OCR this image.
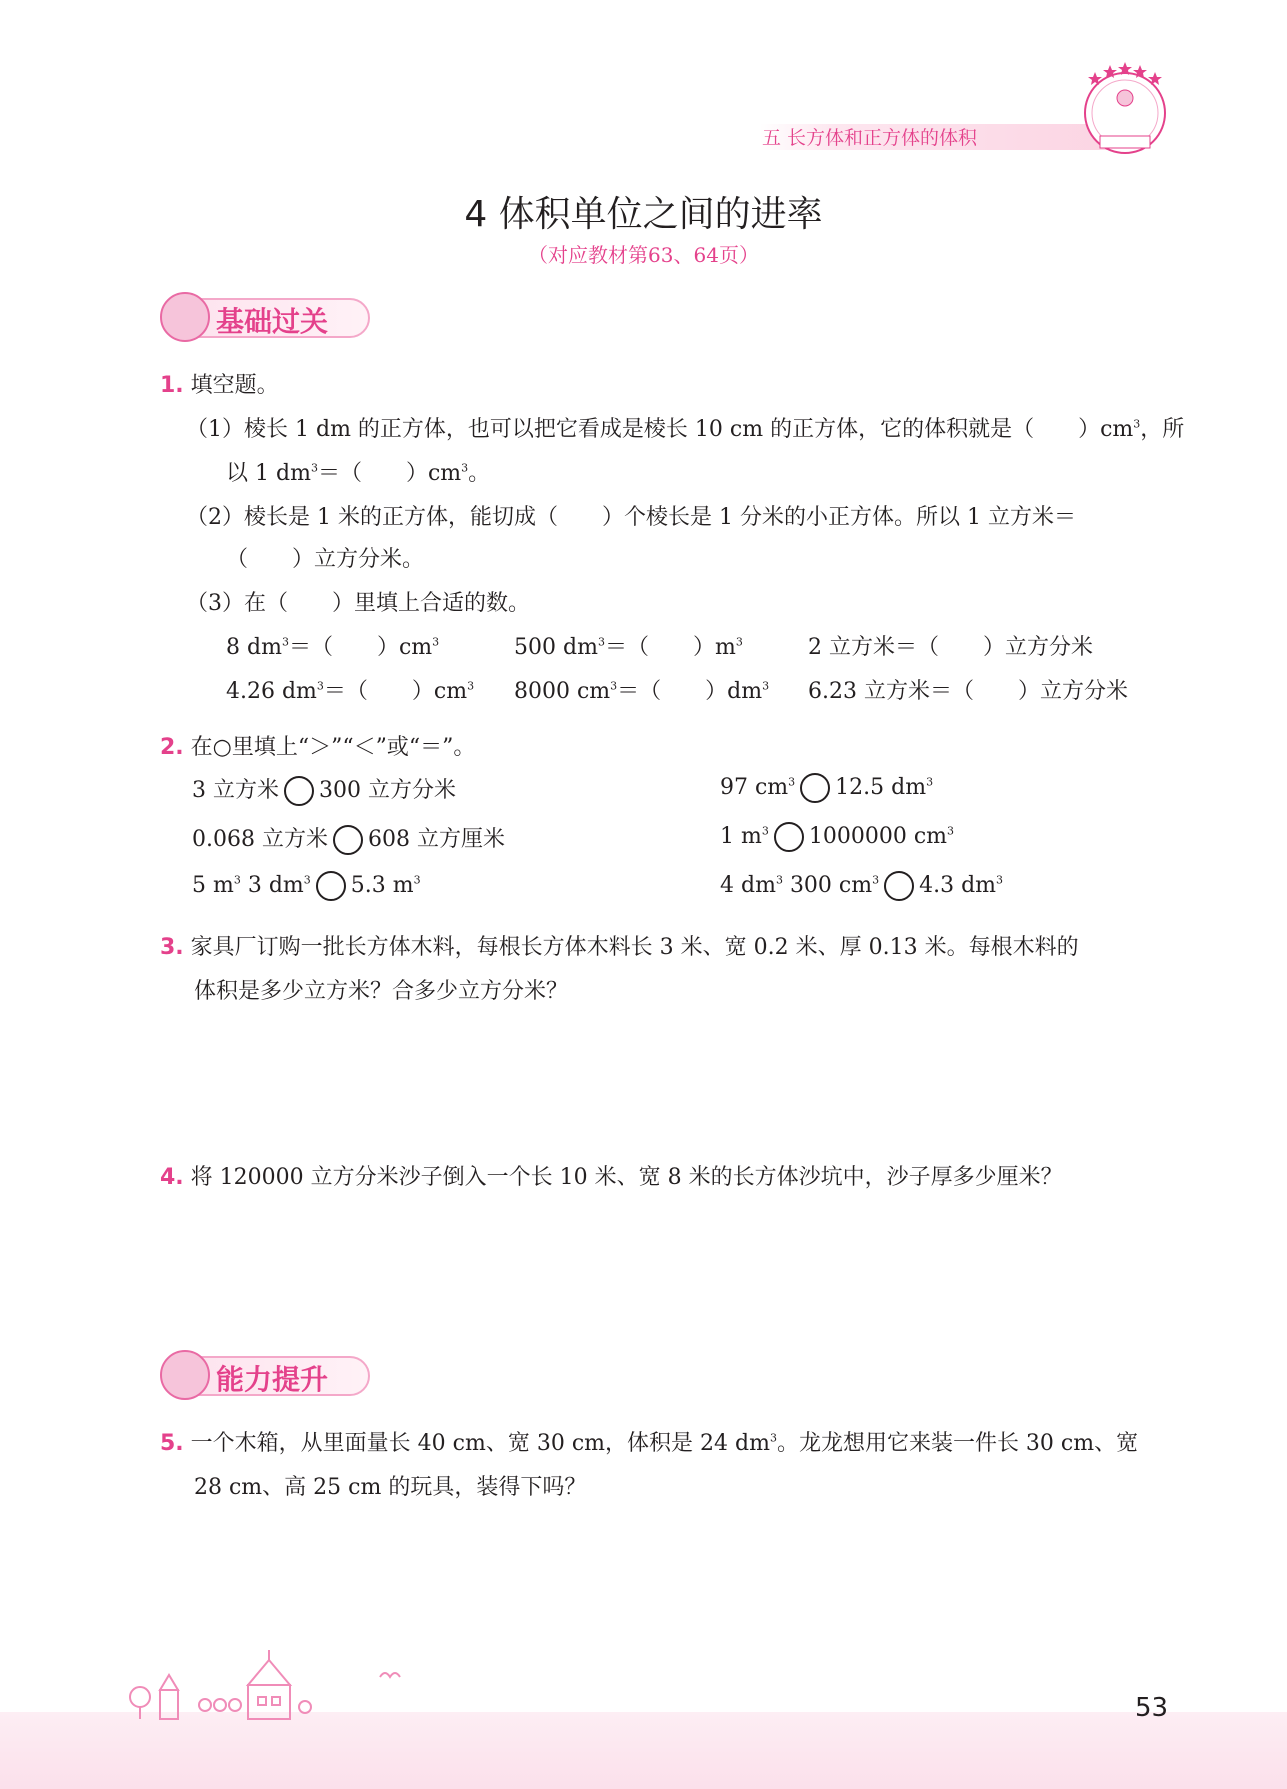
五 长方体和正方体的体积
4 体积单位之间的进率
（对应教材第63、64页）
基础过关
1. 填空题。
（1）棱长 1 dm 的正方体，也可以把它看成是棱长 10 cm 的正方体，它的体积就是（　　）$cm^3$，所
以 1 $dm^3=$（　　）$cm^3$。
（2）棱长是 1 米的正方体，能切成（　　）个棱长是 1 分米的小正方体。所以 1 立方米＝
（　　）立方分米。
（3）在（　　）里填上合适的数。
8 $dm^3=$（　　）$cm^3$	500 $dm^3=$（　　）$m^3$	2 立方米＝（　　）立方分米
4.26 $dm^3=$（　　）$cm^3$ 8000 $cm^3=$（　　）$dm^3$ 6.23 立方米＝（　　）立方分米
2. 在○里填上“＞”“＜”或“＝”。
3 立方米 300 立方分米	97 $cm^3$ 12.5 $dm^3$
0.068 立方米 608 立方厘米	1 $m^3$ 1000000 $cm^3$
5 $m^3$ 3 $dm^3$ 5.3 $m^3$	4 $dm^3$ 300 $cm^3$ 4.3 $dm^3$
3. 家具厂订购一批长方体木料，每根长方体木料长 3 米、宽 0.2 米、厚 0.13 米。每根木料的
体积是多少立方米？合多少立方分米？
4. 将 120000 立方分米沙子倒入一个长 10 米、宽 8 米的长方体沙坑中，沙子厚多少厘米？
能力提升
5. 一个木箱，从里面量长 40 cm、宽 30 cm，体积是 24 $dm^3$。龙龙想用它来装一件长 30 cm、宽
28 cm、高 25 cm 的玩具，装得下吗？
53
